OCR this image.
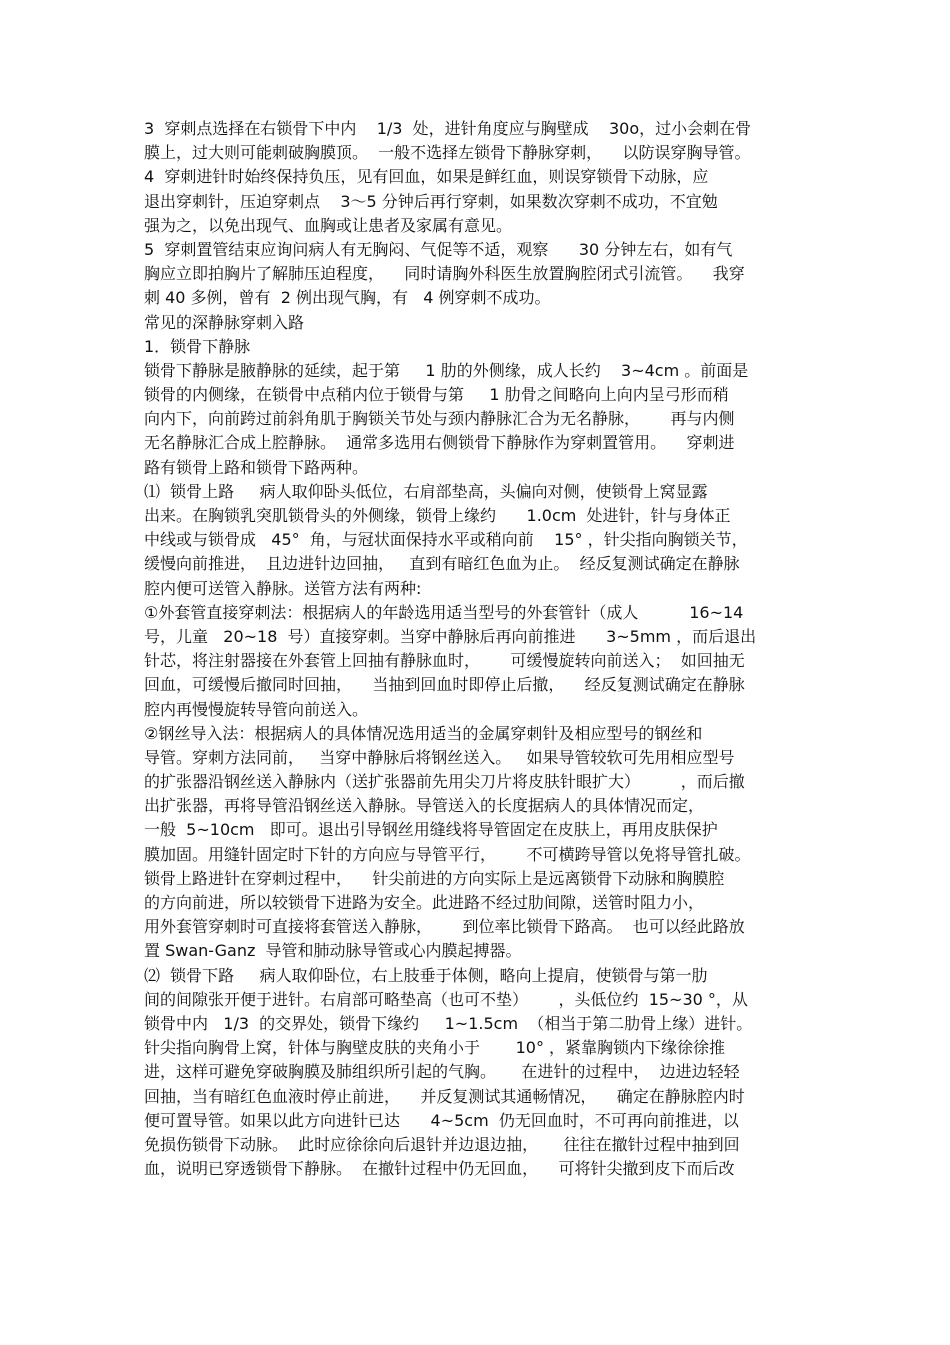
3  穿刺点选择在右锁骨下中内    1/3  处，进针角度应与胸壁成    30o，过小会刺在骨
膜上，过大则可能刺破胸膜顶。  一般不选择左锁骨下静脉穿刺，    以防误穿胸导管。
4  穿刺进针时始终保持负压，见有回血，如果是鲜红血，则误穿锁骨下动脉，应
退出穿刺针，压迫穿刺点    3～5 分钟后再行穿刺，如果数次穿刺不成功，不宜勉
强为之，以免出现气、血胸或让患者及家属有意见。
5  穿刺置管结束应询问病人有无胸闷、气促等不适，观察      30 分钟左右，如有气
胸应立即拍胸片了解肺压迫程度，    同时请胸外科医生放置胸腔闭式引流管。    我穿
刺 40 多例，曾有  2 例出现气胸，有   4 例穿刺不成功。
常见的深静脉穿刺入路
1．锁骨下静脉
锁骨下静脉是腋静脉的延续，起于第     1 肋的外侧缘，成人长约    3~4cm 。前面是
锁骨的内侧缘，在锁骨中点稍内位于锁骨与第     1 肋骨之间略向上向内呈弓形而稍
向内下，向前跨过前斜角肌于胸锁关节处与颈内静脉汇合为无名静脉，      再与内侧
无名静脉汇合成上腔静脉。  通常多选用右侧锁骨下静脉作为穿刺置管用。    穿刺进
路有锁骨上路和锁骨下路两种。
⑴  锁骨上路     病人取仰卧头低位，右肩部垫高，头偏向对侧，使锁骨上窝显露
出来。在胸锁乳突肌锁骨头的外侧缘，锁骨上缘约      1.0cm  处进针，针与身体正
中线或与锁骨成   45°  角，与冠状面保持水平或稍向前    15° ，针尖指向胸锁关节，
缓慢向前推进，  且边进针边回抽，   直到有暗红色血为止。  经反复测试确定在静脉
腔内便可送管入静脉。送管方法有两种:
①外套管直接穿刺法：根据病人的年龄选用适当型号的外套管针（成人          16~14
号，儿童   20~18  号）直接穿刺。当穿中静脉后再向前推进      3~5mm ，而后退出
针芯，将注射器接在外套管上回抽有静脉血时，      可缓慢旋转向前送入；  如回抽无
回血，可缓慢后撤同时回抽，    当抽到回血时即停止后撤，    经反复测试确定在静脉
腔内再慢慢旋转导管向前送入。
②钢丝导入法：根据病人的具体情况选用适当的金属穿刺针及相应型号的钢丝和
导管。穿刺方法同前，   当穿中静脉后将钢丝送入。   如果导管较软可先用相应型号
的扩张器沿钢丝送入静脉内（送扩张器前先用尖刀片将皮肤针眼扩大）        ，而后撤
出扩张器，再将导管沿钢丝送入静脉。导管送入的长度据病人的具体情况而定，
一般  5~10cm   即可。退出引导钢丝用缝线将导管固定在皮肤上，再用皮肤保护
膜加固。用缝针固定时下针的方向应与导管平行，      不可横跨导管以免将导管扎破。
锁骨上路进针在穿刺过程中，    针尖前进的方向实际上是远离锁骨下动脉和胸膜腔
的方向前进，所以较锁骨下进路为安全。此进路不经过肋间隙，送管时阻力小，
用外套管穿刺时可直接将套管送入静脉，      到位率比锁骨下路高。  也可以经此路放
置 Swan-Ganz  导管和肺动脉导管或心内膜起搏器。
⑵  锁骨下路     病人取仰卧位，右上肢垂于体侧，略向上提肩，使锁骨与第一肋
间的间隙张开便于进针。右肩部可略垫高（也可不垫）      ，头低位约  15~30 °，从
锁骨中内   1/3  的交界处，锁骨下缘约     1~1.5cm  （相当于第二肋骨上缘）进针。
针尖指向胸骨上窝，针体与胸壁皮肤的夹角小于       10° ，紧靠胸锁内下缘徐徐推
进，这样可避免穿破胸膜及肺组织所引起的气胸。     在进针的过程中，  边进边轻轻
回抽，当有暗红色血液时停止前进，    并反复测试其通畅情况，    确定在静脉腔内时
便可置导管。如果以此方向进针已达      4~5cm  仍无回血时，不可再向前推进，以
免损伤锁骨下动脉。  此时应徐徐向后退针并边退边抽，     往往在撤针过程中抽到回
血，说明已穿透锁骨下静脉。  在撤针过程中仍无回血，    可将针尖撤到皮下而后改
